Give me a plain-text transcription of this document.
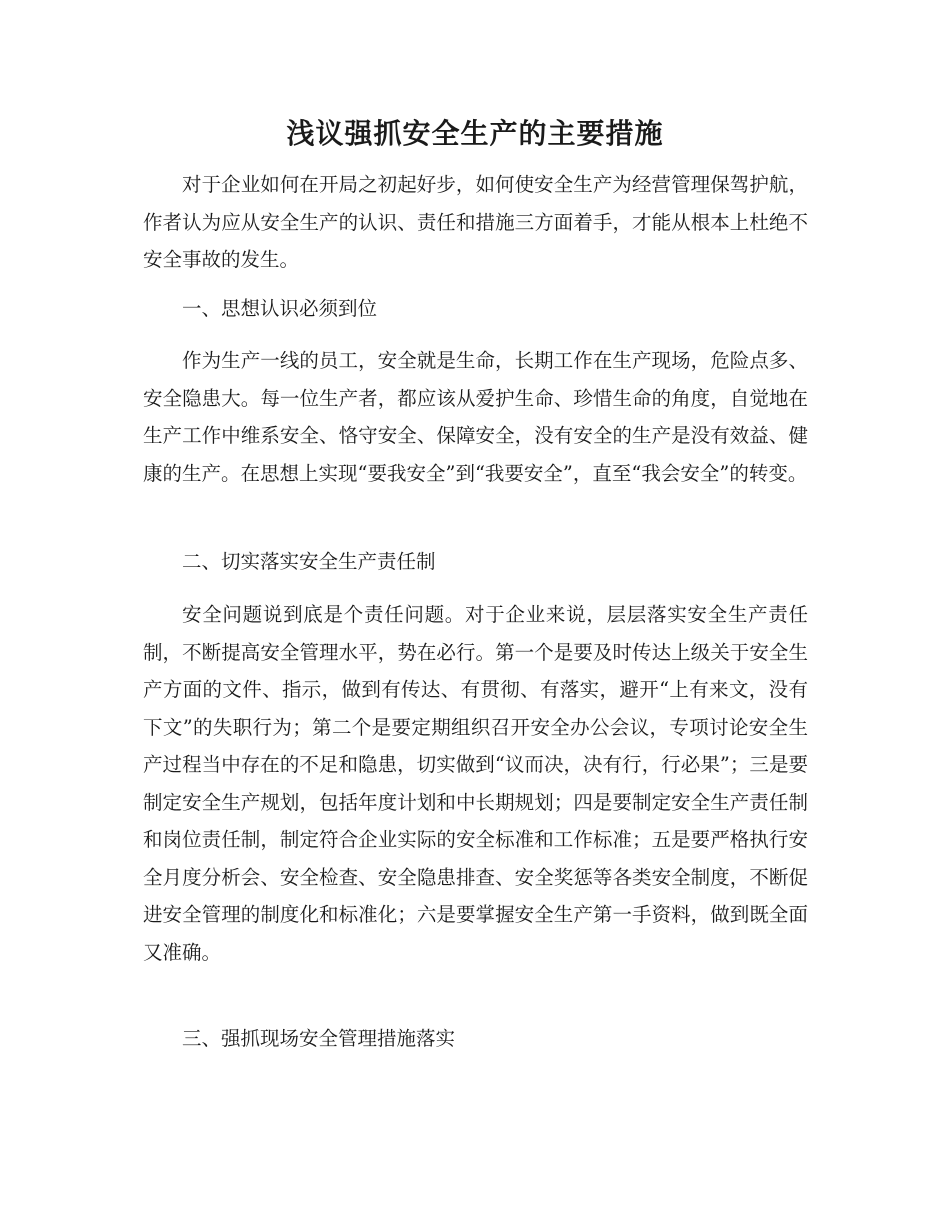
浅议强抓安全生产的主要措施

对于企业如何在开局之初起好步，如何使安全生产为经营管理保驾护航，作者认为应从安全生产的认识、责任和措施三方面着手，才能从根本上杜绝不安全事故的发生。

一、思想认识必须到位

作为生产一线的员工，安全就是生命，长期工作在生产现场，危险点多、安全隐患大。每一位生产者，都应该从爱护生命、珍惜生命的角度，自觉地在生产工作中维系安全、恪守安全、保障安全，没有安全的生产是没有效益、健康的生产。在思想上实现“要我安全”到“我要安全”，直至“我会安全”的转变。

二、切实落实安全生产责任制

安全问题说到底是个责任问题。对于企业来说，层层落实安全生产责任制，不断提高安全管理水平，势在必行。第一个是要及时传达上级关于安全生产方面的文件、指示，做到有传达、有贯彻、有落实，避开“上有来文，没有下文”的失职行为；第二个是要定期组织召开安全办公会议，专项讨论安全生产过程当中存在的不足和隐患，切实做到“议而决，决有行，行必果”；三是要制定安全生产规划，包括年度计划和中长期规划；四是要制定安全生产责任制和岗位责任制，制定符合企业实际的安全标准和工作标准；五是要严格执行安全月度分析会、安全检查、安全隐患排查、安全奖惩等各类安全制度，不断促进安全管理的制度化和标准化；六是要掌握安全生产第一手资料，做到既全面又准确。

三、强抓现场安全管理措施落实
